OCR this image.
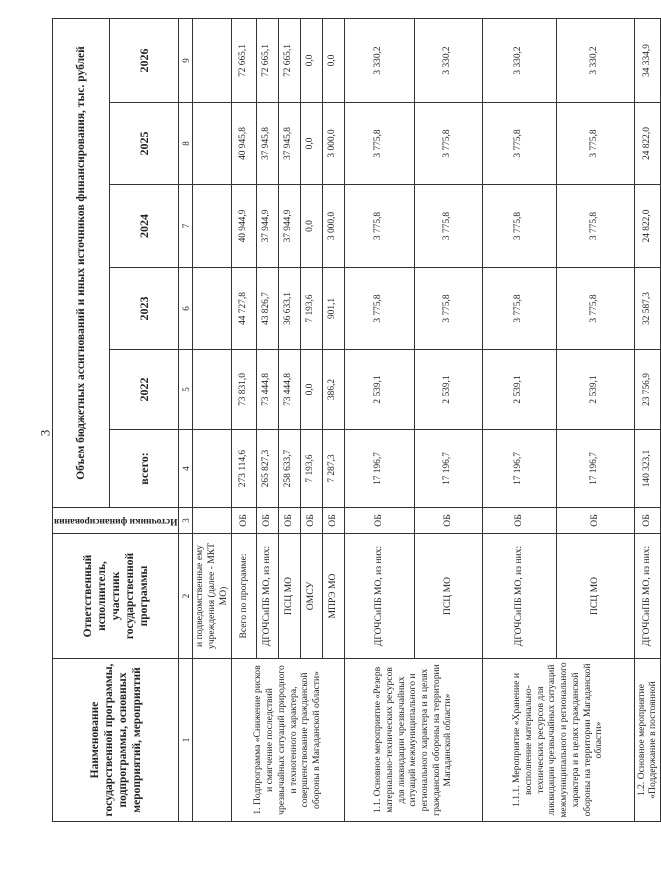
3
Наименование государственной программы, подпрограммы, основных мероприятий, мероприятий	Ответственный исполнитель, участник государственной программы	Источники финансирования	Объем бюджетных ассигнований и иных источников финансирования, тыс. рублей					
			всего:	2022	2023	2024	2025	2026
1	2	3	4	5	6	7	8	9
	и подведомственные ему учреждения (далее - МКТ МО)							
1. Подпрограмма «Снижение рисков и смягчение последствий чрезвычайных ситуаций природного и техногенного характера, совершенствование гражданской обороны в Магаданской области»	Всего по программе:	ОБ	273 114,6	73 831,0	44 727,8	40 944,9	40 945,8	72 665,1
	ДГОЧСиПБ МО, из них:	ОБ	265 827,3	73 444,8	43 826,7	37 944,9	37 945,8	72 665,1
	ПСЦ МО	ОБ	258 633,7	73 444,8	36 633,1	37 944,9	37 945,8	72 665,1
	ОМСУ	ОБ	7 193,6	0,0	7 193,6	0,0	0,0	0,0
	МПРЭ МО	ОБ	7 287,3	386,2	901,1	3 000,0	3 000,0	0,0
1.1. Основное мероприятие «Резерв материально-технических ресурсов для ликвидации чрезвычайных ситуаций межмуниципального и регионального характера и в целях гражданской обороны на территории Магаданской области»	ДГОЧСиПБ МО, из них:	ОБ	17 196,7	2 539,1	3 775,8	3 775,8	3 775,8	3 330,2
	ПСЦ МО	ОБ	17 196,7	2 539,1	3 775,8	3 775,8	3 775,8	3 330,2
1.1.1. Мероприятие «Хранение и восполнение материально-технических ресурсов для ликвидации чрезвычайных ситуаций межмуниципального и регионального характера и в целях гражданской обороны на территории Магаданской области»	ДГОЧСиПБ МО, из них:	ОБ	17 196,7	2 539,1	3 775,8	3 775,8	3 775,8	3 330,2
	ПСЦ МО	ОБ	17 196,7	2 539,1	3 775,8	3 775,8	3 775,8	3 330,2
1.2. Основное мероприятие «Поддержание в постоянной	ДГОЧСиПБ МО, из них:	ОБ	140 323,1	23 756,9	32 587,3	24 822,0	24 822,0	34 334,9
